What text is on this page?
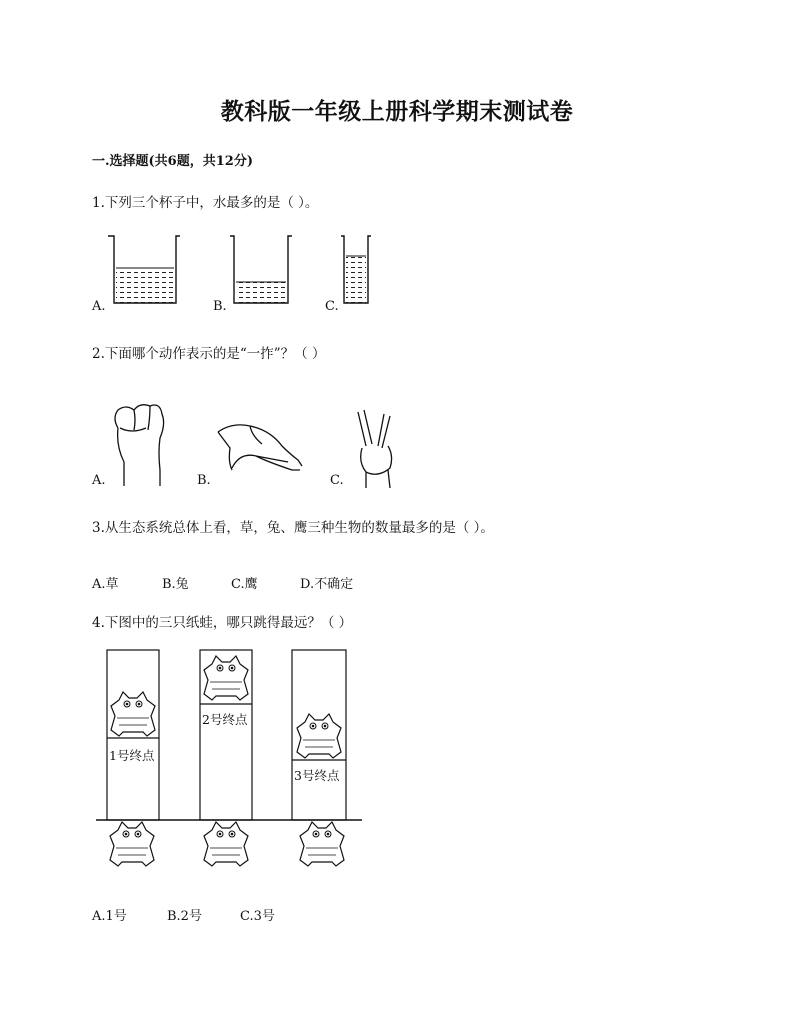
教科版一年级上册科学期末测试卷
一.选择题(共6题，共12分)
1.下列三个杯子中，水最多的是（ ）。
A.	B.	C.
2.下面哪个动作表示的是“一拃”？（ ）
A.	B.	C.
3.从生态系统总体上看，草，兔、鹰三种生物的数量最多的是（ ）。
A.草	B.兔	C.鹰	D.不确定
4.下图中的三只纸蛙，哪只跳得最远？（ ）
1号终点
2号终点
3号终点
A.1号	B.2号	C.3号
